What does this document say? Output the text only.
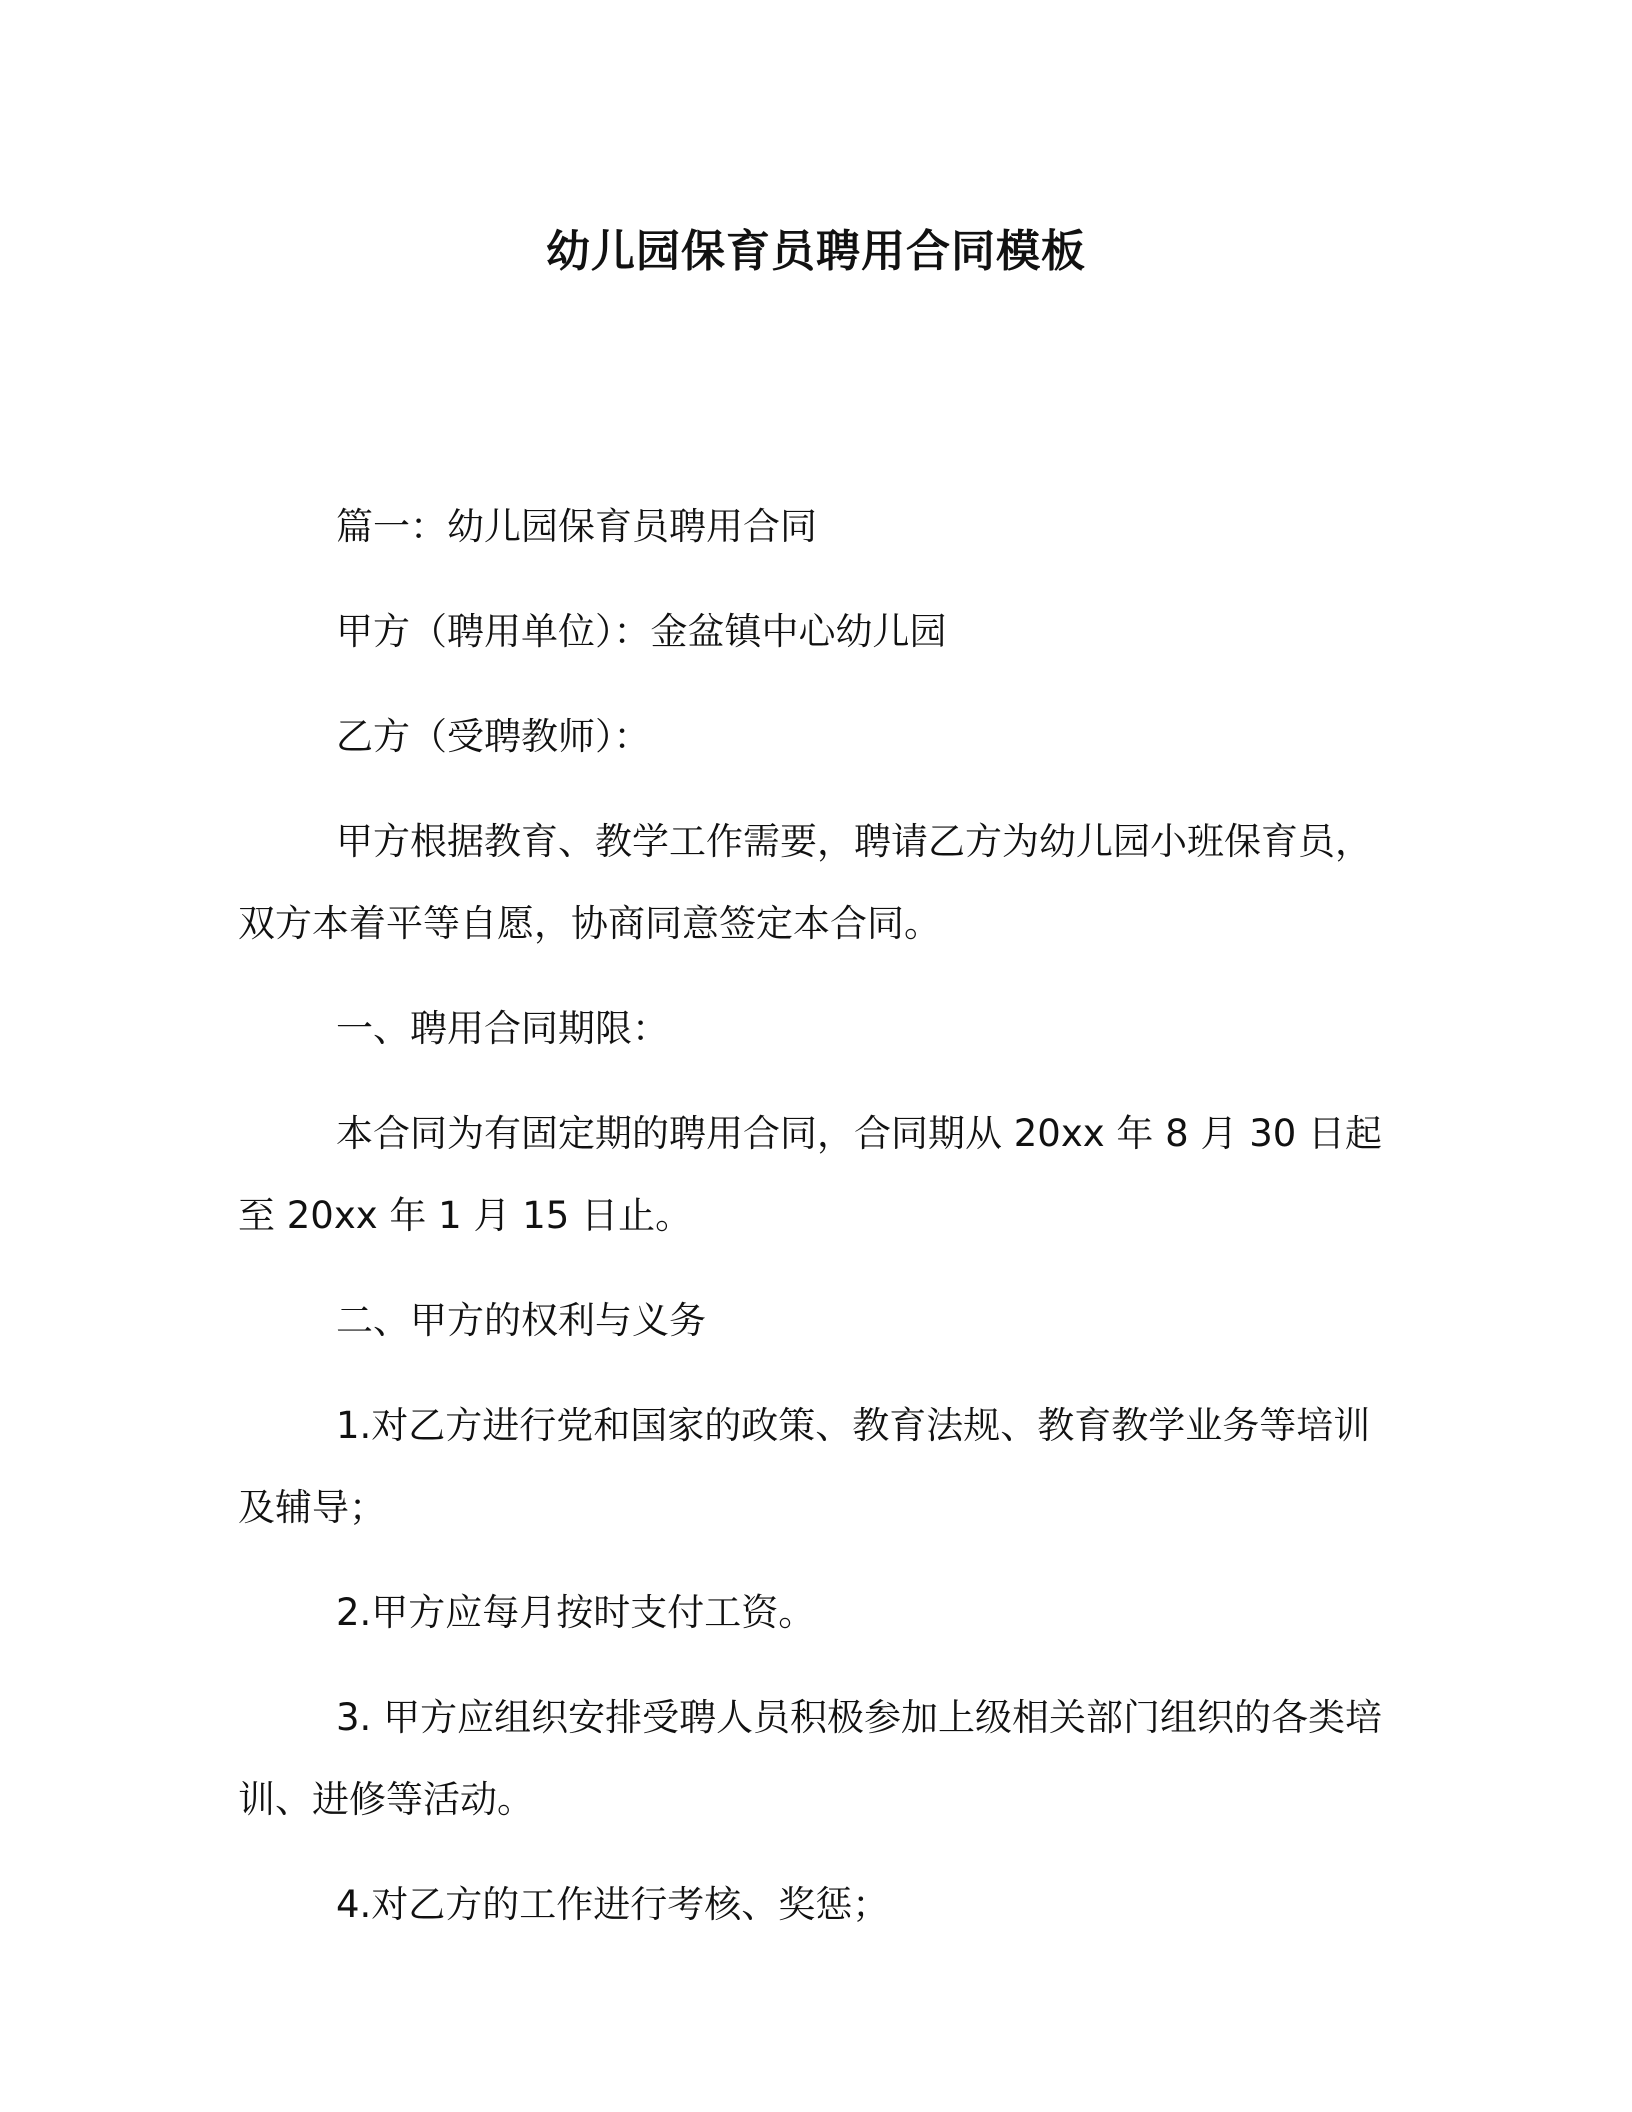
幼儿园保育员聘用合同模板

篇一：幼儿园保育员聘用合同

甲方（聘用单位）：金盆镇中心幼儿园

乙方（受聘教师）：

甲方根据教育、教学工作需要，聘请乙方为幼儿园小班保育员，双方本着平等自愿，协商同意签定本合同。

一、聘用合同期限：

本合同为有固定期的聘用合同，合同期从 20xx 年 8 月 30 日起至 20xx 年 1 月 15 日止。

二、甲方的权利与义务

1.对乙方进行党和国家的政策、教育法规、教育教学业务等培训及辅导；

2.甲方应每月按时支付工资。

3. 甲方应组织安排受聘人员积极参加上级相关部门组织的各类培训、进修等活动。

4.对乙方的工作进行考核、奖惩；
